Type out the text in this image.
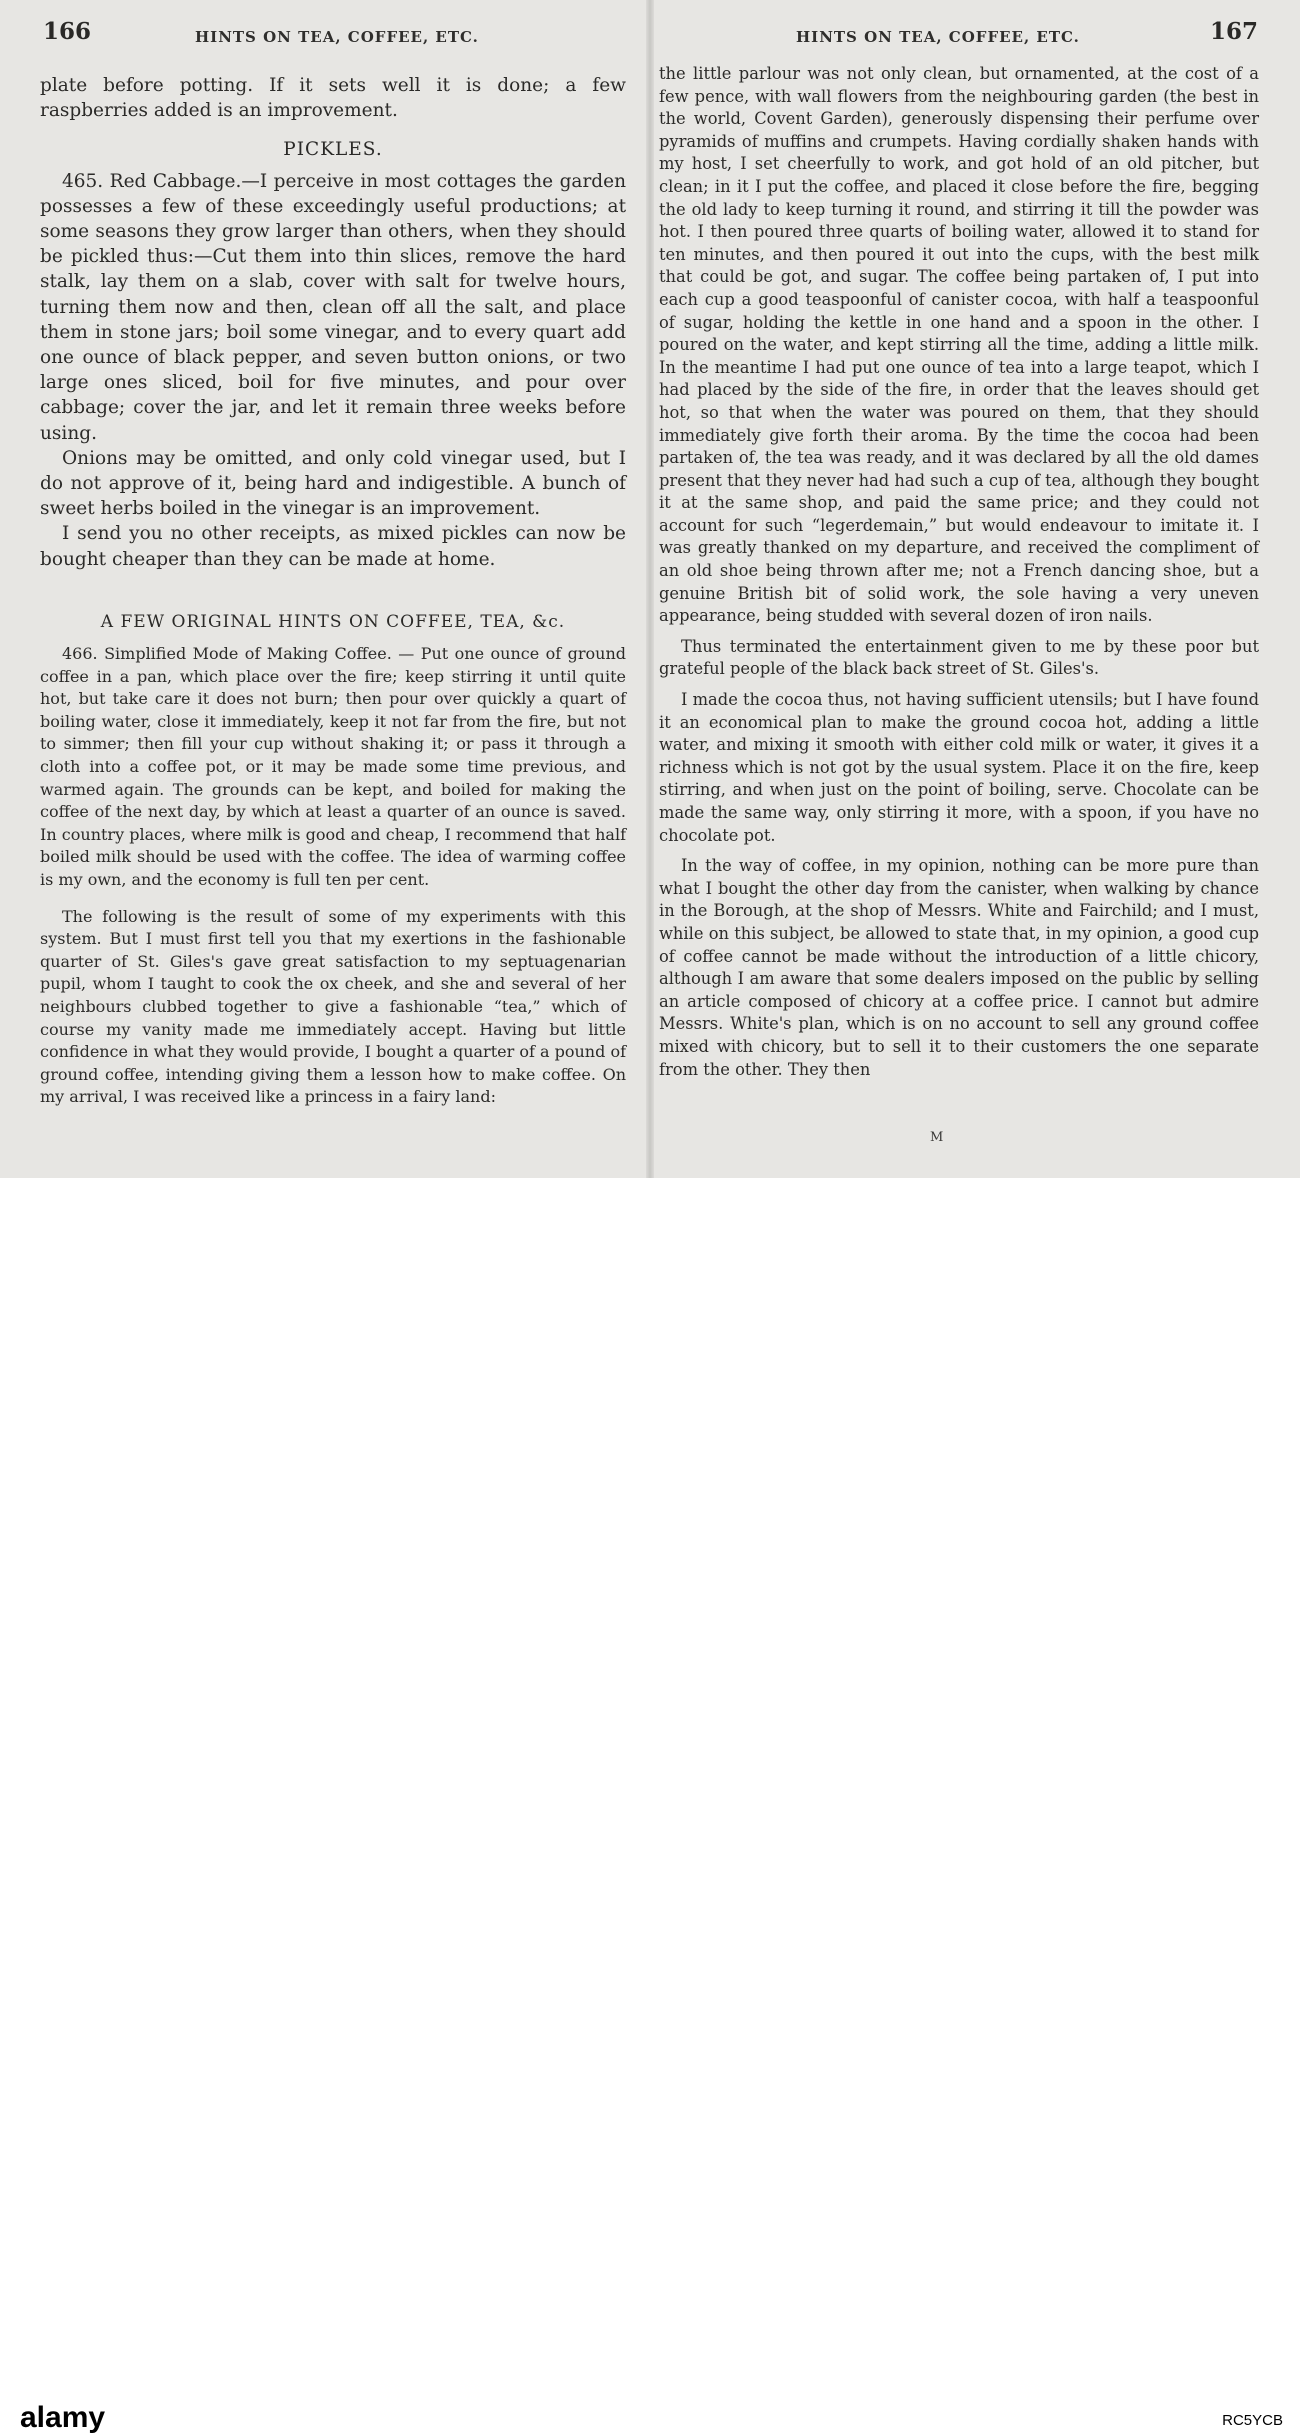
166	HINTS ON TEA, COFFEE, ETC.

plate before potting. If it sets well it is done; a few raspberries added is an improvement.

PICKLES.

465. Red Cabbage.—I perceive in most cottages the garden possesses a few of these exceedingly useful productions; at some seasons they grow larger than others, when they should be pickled thus:—Cut them into thin slices, remove the hard stalk, lay them on a slab, cover with salt for twelve hours, turning them now and then, clean off all the salt, and place them in stone jars; boil some vinegar, and to every quart add one ounce of black pepper, and seven button onions, or two large ones sliced, boil for five minutes, and pour over cabbage; cover the jar, and let it remain three weeks before using.

Onions may be omitted, and only cold vinegar used, but I do not approve of it, being hard and indigestible. A bunch of sweet herbs boiled in the vinegar is an improvement.

I send you no other receipts, as mixed pickles can now be bought cheaper than they can be made at home.

A FEW ORIGINAL HINTS ON COFFEE, TEA, &c.

466. Simplified Mode of Making Coffee. — Put one ounce of ground coffee in a pan, which place over the fire; keep stirring it until quite hot, but take care it does not burn; then pour over quickly a quart of boiling water, close it immediately, keep it not far from the fire, but not to simmer; then fill your cup without shaking it; or pass it through a cloth into a coffee pot, or it may be made some time previous, and warmed again. The grounds can be kept, and boiled for making the coffee of the next day, by which at least a quarter of an ounce is saved. In country places, where milk is good and cheap, I recommend that half boiled milk should be used with the coffee. The idea of warming coffee is my own, and the economy is full ten per cent.

The following is the result of some of my experiments with this system. But I must first tell you that my exertions in the fashionable quarter of St. Giles's gave great satisfaction to my septuagenarian pupil, whom I taught to cook the ox cheek, and she and several of her neighbours clubbed together to give a fashionable “tea,” which of course my vanity made me immediately accept. Having but little confidence in what they would provide, I bought a quarter of a pound of ground coffee, intending giving them a lesson how to make coffee. On my arrival, I was received like a princess in a fairy land:

HINTS ON TEA, COFFEE, ETC.	167

the little parlour was not only clean, but ornamented, at the cost of a few pence, with wall flowers from the neighbouring garden (the best in the world, Covent Garden), generously dispensing their perfume over pyramids of muffins and crumpets. Having cordially shaken hands with my host, I set cheerfully to work, and got hold of an old pitcher, but clean; in it I put the coffee, and placed it close before the fire, begging the old lady to keep turning it round, and stirring it till the powder was hot. I then poured three quarts of boiling water, allowed it to stand for ten minutes, and then poured it out into the cups, with the best milk that could be got, and sugar. The coffee being partaken of, I put into each cup a good teaspoonful of canister cocoa, with half a teaspoonful of sugar, holding the kettle in one hand and a spoon in the other. I poured on the water, and kept stirring all the time, adding a little milk. In the meantime I had put one ounce of tea into a large teapot, which I had placed by the side of the fire, in order that the leaves should get hot, so that when the water was poured on them, that they should immediately give forth their aroma. By the time the cocoa had been partaken of, the tea was ready, and it was declared by all the old dames present that they never had had such a cup of tea, although they bought it at the same shop, and paid the same price; and they could not account for such “legerdemain,” but would endeavour to imitate it. I was greatly thanked on my departure, and received the compliment of an old shoe being thrown after me; not a French dancing shoe, but a genuine British bit of solid work, the sole having a very uneven appearance, being studded with several dozen of iron nails.

Thus terminated the entertainment given to me by these poor but grateful people of the black back street of St. Giles's.

I made the cocoa thus, not having sufficient utensils; but I have found it an economical plan to make the ground cocoa hot, adding a little water, and mixing it smooth with either cold milk or water, it gives it a richness which is not got by the usual system. Place it on the fire, keep stirring, and when just on the point of boiling, serve. Chocolate can be made the same way, only stirring it more, with a spoon, if you have no chocolate pot.

In the way of coffee, in my opinion, nothing can be more pure than what I bought the other day from the canister, when walking by chance in the Borough, at the shop of Messrs. White and Fairchild; and I must, while on this subject, be allowed to state that, in my opinion, a good cup of coffee cannot be made without the introduction of a little chicory, although I am aware that some dealers imposed on the public by selling an article composed of chicory at a coffee price. I cannot but admire Messrs. White's plan, which is on no account to sell any ground coffee mixed with chicory, but to sell it to their customers the one separate from the other. They then

M
alamy	RC5YCB
